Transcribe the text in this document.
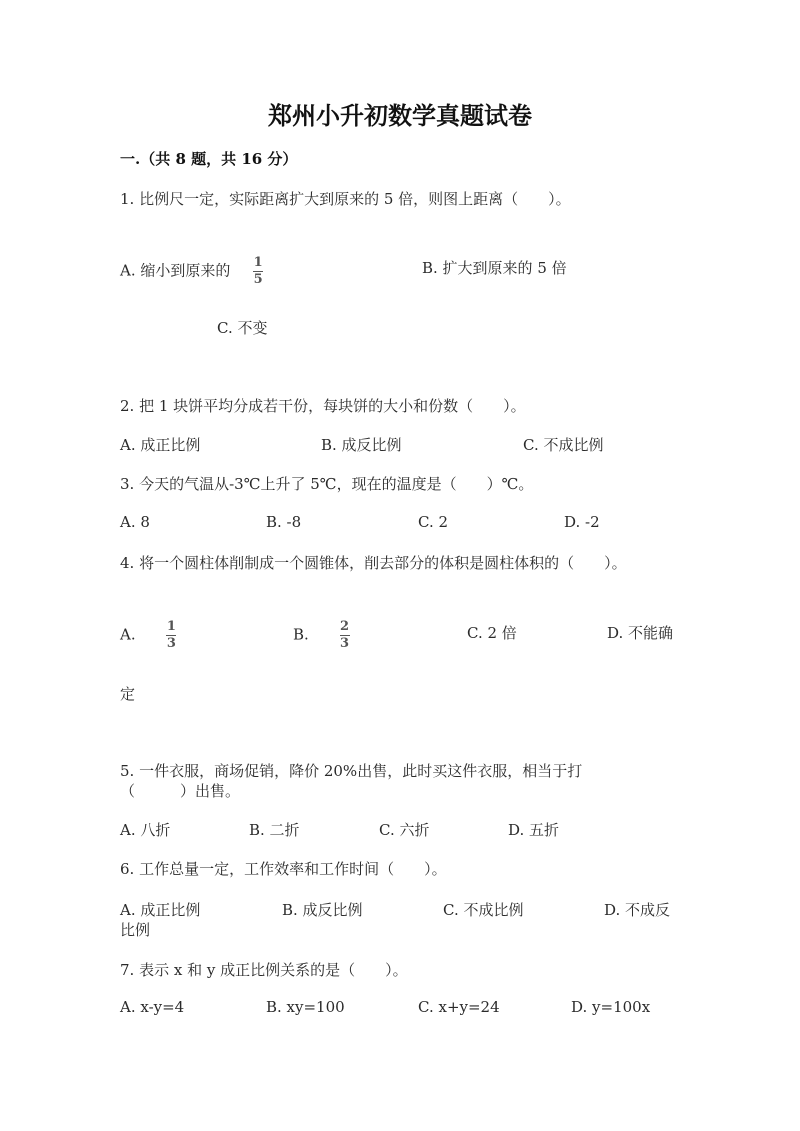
郑州小升初数学真题试卷
一.（共 8 题，共 16 分）
1. 比例尺一定，实际距离扩大到原来的 5 倍，则图上距离（　　）。
A. 缩小到原来的 $\frac{1}{5}$	B. 扩大到原来的 5 倍
C. 不变
2. 把 1 块饼平均分成若干份，每块饼的大小和份数（　　）。
A. 成正比例	B. 成反比例	C. 不成比例
3. 今天的气温从-3℃上升了 5℃，现在的温度是（　　）℃。
A. 8	B. -8	C. 2	D. -2
4. 将一个圆柱体削制成一个圆锥体，削去部分的体积是圆柱体积的（　　）。
A. $\frac{1}{3}$	B. $\frac{2}{3}$	C. 2 倍	D. 不能确
定
5. 一件衣服，商场促销，降价 20%出售，此时买这件衣服，相当于打
（　　　）出售。
A. 八折	B. 二折	C. 六折	D. 五折
6. 工作总量一定，工作效率和工作时间（　　）。
A. 成正比例	B. 成反比例	C. 不成比例	D. 不成反
比例
7. 表示 x 和 y 成正比例关系的是（　　）。
A. x-y=4	B. xy=100	C. x+y=24	D. y=100x
